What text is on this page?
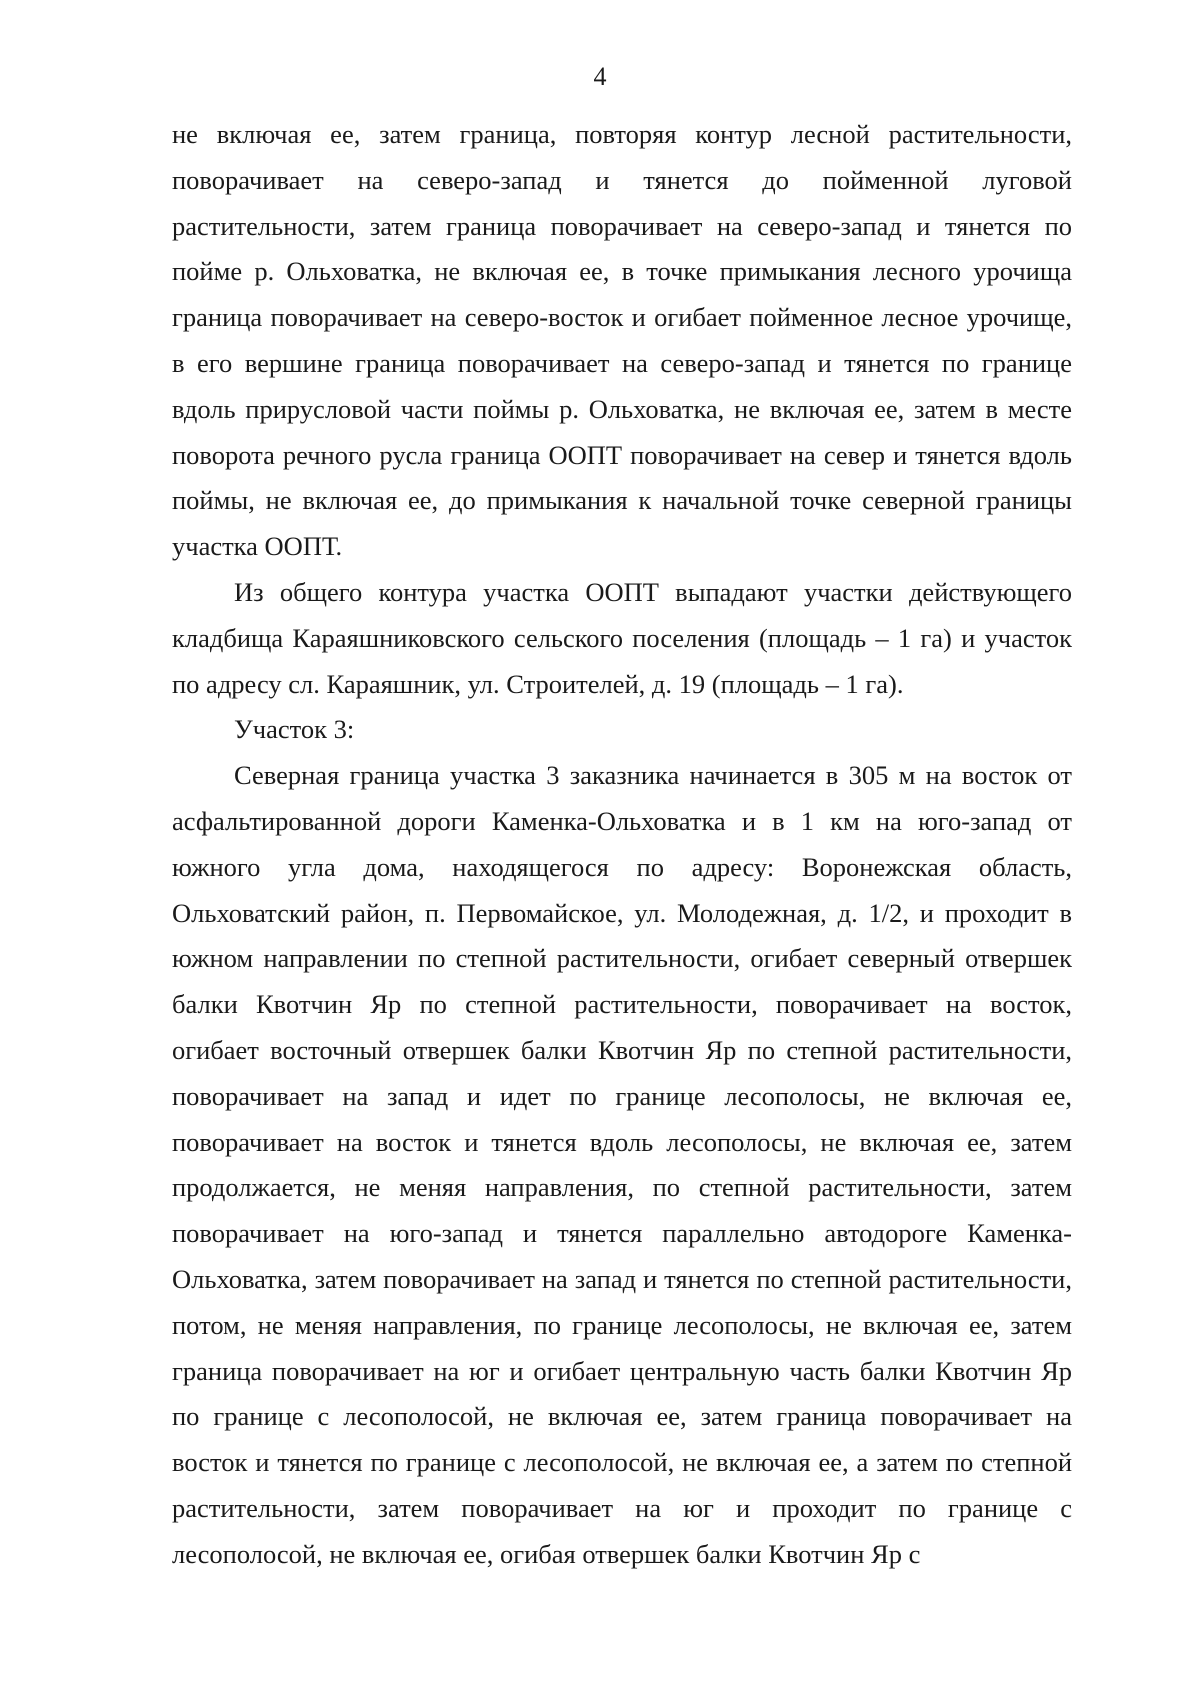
4

не включая ее, затем граница, повторяя контур лесной растительности, поворачивает на северо-запад и тянется до пойменной луговой растительности, затем граница поворачивает на северо-запад и тянется по пойме р. Ольховатка, не включая ее, в точке примыкания лесного урочища граница поворачивает на северо-восток и огибает пойменное лесное урочище, в его вершине граница поворачивает на северо-запад и тянется по границе вдоль прирусловой части поймы р. Ольховатка, не включая ее, затем в месте поворота речного русла граница ООПТ поворачивает на север и тянется вдоль поймы, не включая ее, до примыкания к начальной точке северной границы участка ООПТ.

Из общего контура участка ООПТ выпадают участки действующего кладбища Караяшниковского сельского поселения (площадь – 1 га) и участок по адресу сл. Караяшник, ул. Строителей, д. 19 (площадь – 1 га).

Участок 3:

Северная граница участка 3 заказника начинается в 305 м на восток от асфальтированной дороги Каменка-Ольховатка и в 1 км на юго-запад от южного угла дома, находящегося по адресу: Воронежская область, Ольховатский район, п. Первомайское, ул. Молодежная, д. 1/2, и проходит в южном направлении по степной растительности, огибает северный отвершек балки Квотчин Яр по степной растительности, поворачивает на восток, огибает восточный отвершек балки Квотчин Яр по степной растительности, поворачивает на запад и идет по границе лесополосы, не включая ее, поворачивает на восток и тянется вдоль лесополосы, не включая ее, затем продолжается, не меняя направления, по степной растительности, затем поворачивает на юго-запад и тянется параллельно автодороге Каменка-Ольховатка, затем поворачивает на запад и тянется по степной растительности, потом, не меняя направления, по границе лесополосы, не включая ее, затем граница поворачивает на юг и огибает центральную часть балки Квотчин Яр по границе с лесополосой, не включая ее, затем граница поворачивает на восток и тянется по границе с лесополосой, не включая ее, а затем по степной растительности, затем поворачивает на юг и проходит по границе с лесополосой, не включая ее, огибая отвершек балки Квотчин Яр с
